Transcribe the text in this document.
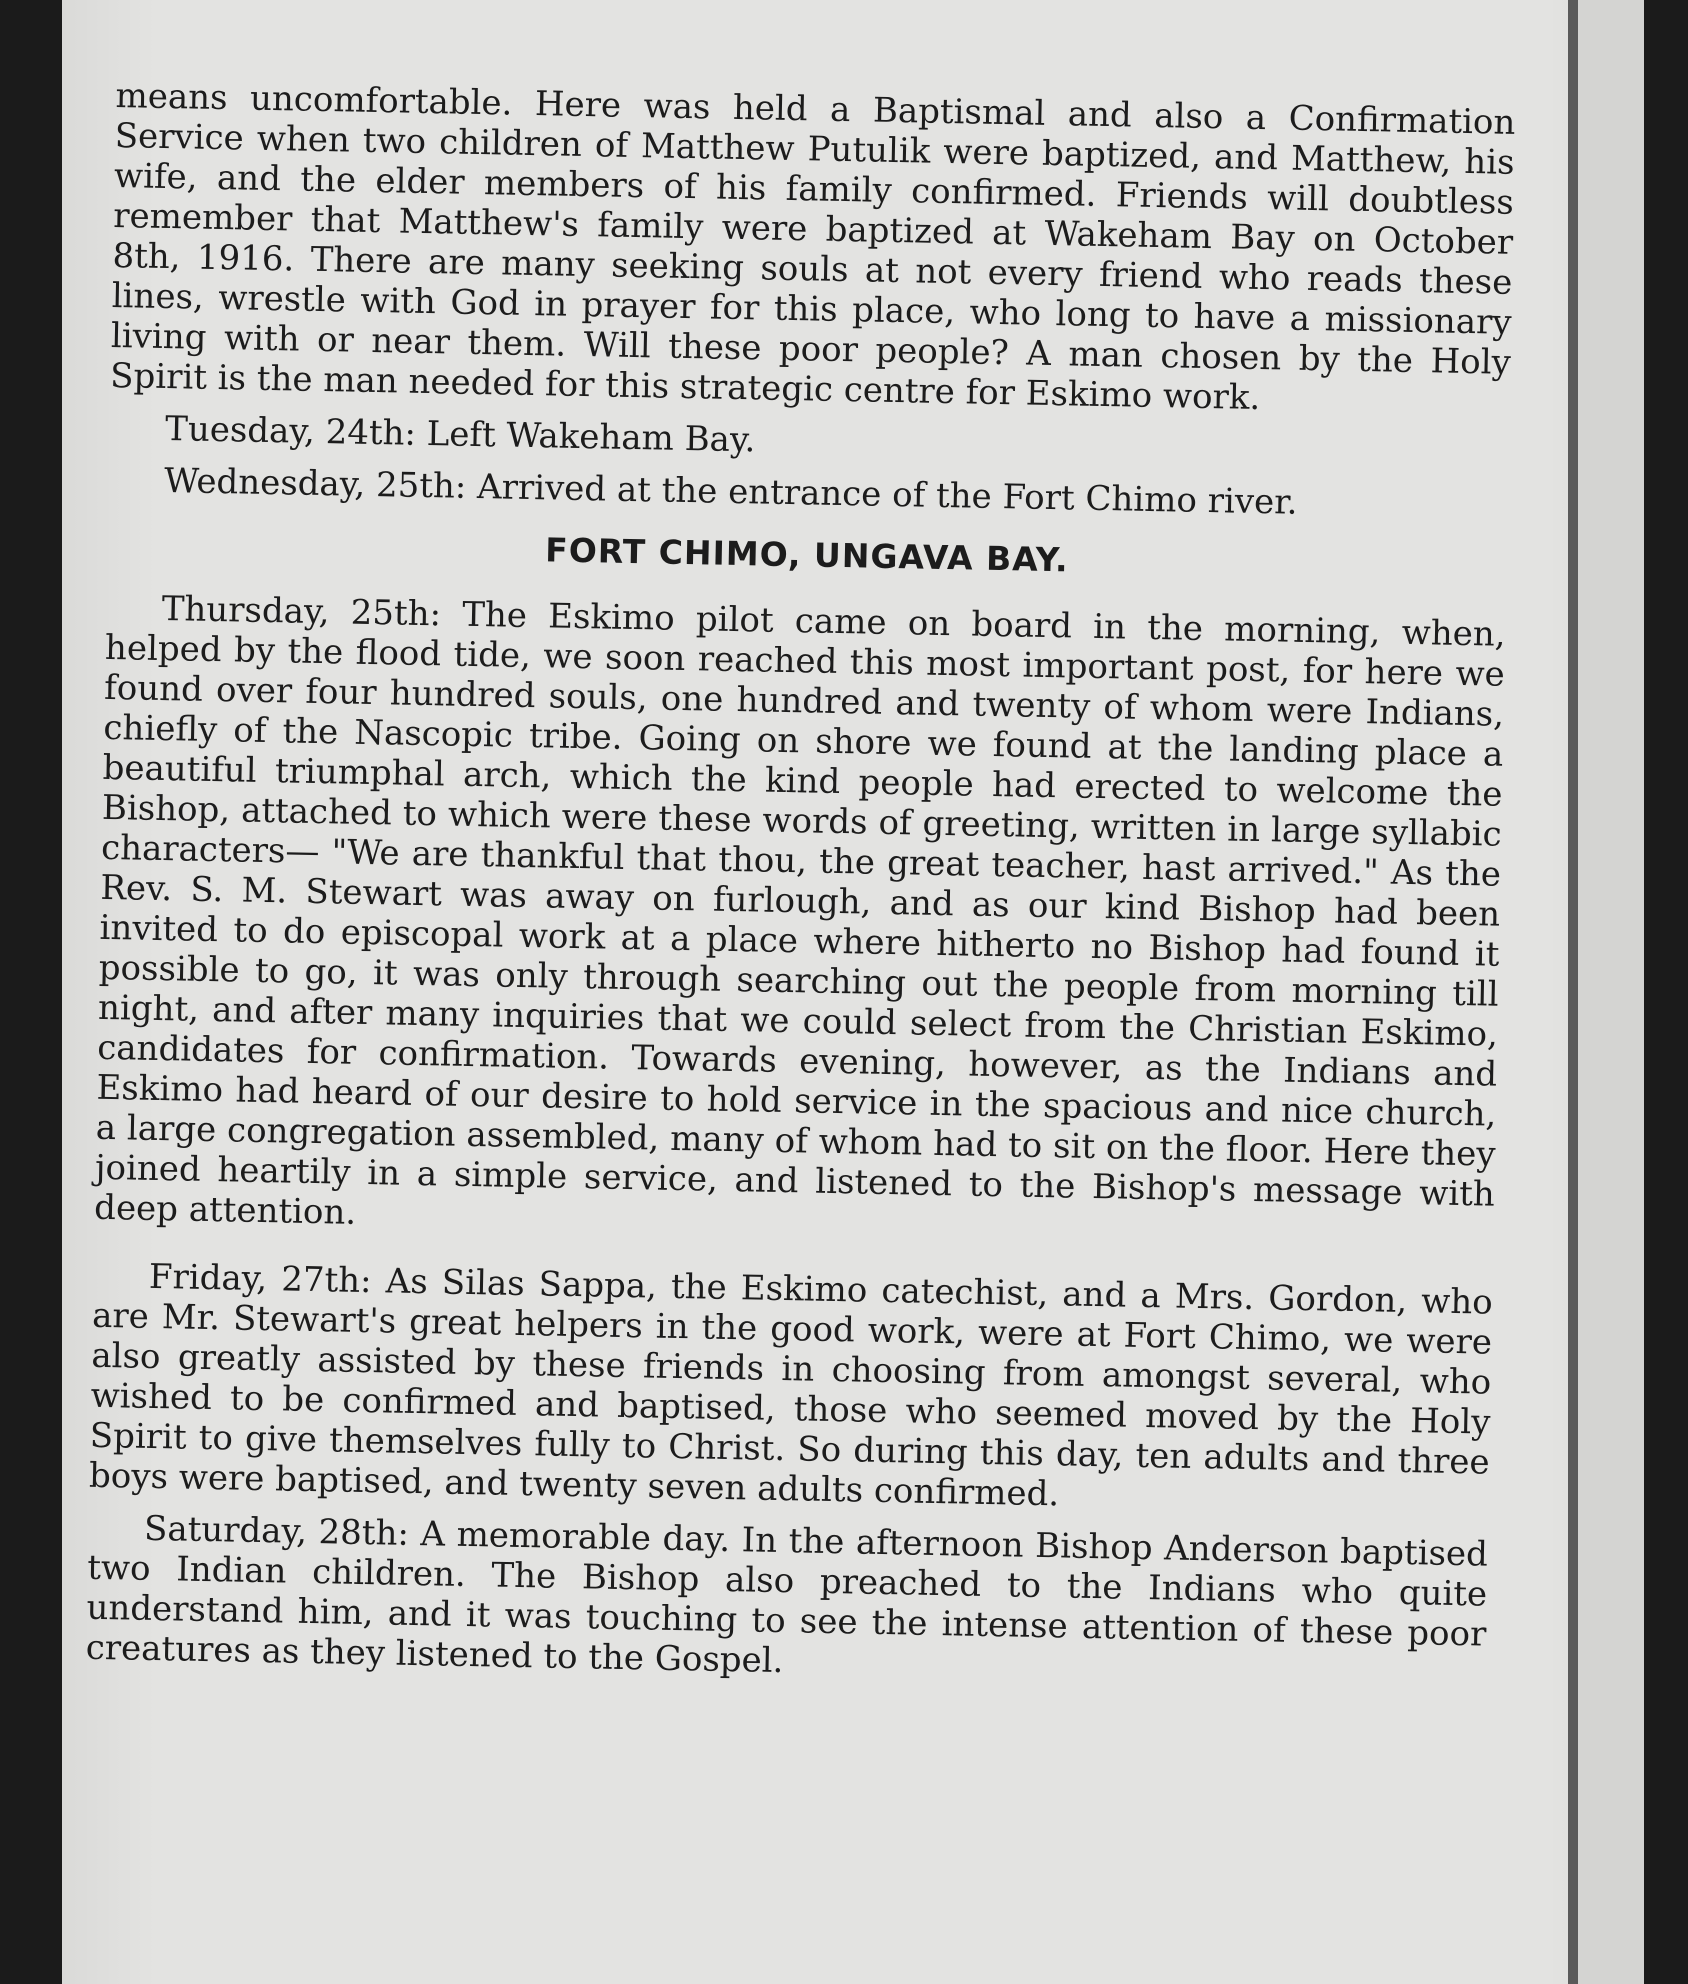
means uncomfortable. Here was held a Baptismal and also a Confirmation Service when two children of Matthew Putulik were baptized, and Matthew, his wife, and the elder members of his family confirmed. Friends will doubtless remember that Matthew's family were baptized at Wakeham Bay on October 8th, 1916. There are many seeking souls at not every friend who reads these lines, wrestle with God in prayer for this place, who long to have a missionary living with or near them. Will these poor people? A man chosen by the Holy Spirit is the man needed for this strategic centre for Eskimo work.

Tuesday, 24th: Left Wakeham Bay.

Wednesday, 25th: Arrived at the entrance of the Fort Chimo river.

FORT CHIMO, UNGAVA BAY.

Thursday, 25th: The Eskimo pilot came on board in the morning, when, helped by the flood tide, we soon reached this most important post, for here we found over four hundred souls, one hundred and twenty of whom were Indians, chiefly of the Nascopic tribe. Going on shore we found at the landing place a beautiful triumphal arch, which the kind people had erected to welcome the Bishop, attached to which were these words of greeting, written in large syllabic characters— "We are thankful that thou, the great teacher, hast arrived." As the Rev. S. M. Stewart was away on furlough, and as our kind Bishop had been invited to do episcopal work at a place where hitherto no Bishop had found it possible to go, it was only through searching out the people from morning till night, and after many inquiries that we could select from the Christian Eskimo, candidates for confirmation. Towards evening, however, as the Indians and Eskimo had heard of our desire to hold service in the spacious and nice church, a large congregation assembled, many of whom had to sit on the floor. Here they joined heartily in a simple service, and listened to the Bishop's message with deep attention.

Friday, 27th: As Silas Sappa, the Eskimo catechist, and a Mrs. Gordon, who are Mr. Stewart's great helpers in the good work, were at Fort Chimo, we were also greatly assisted by these friends in choosing from amongst several, who wished to be confirmed and baptised, those who seemed moved by the Holy Spirit to give themselves fully to Christ. So during this day, ten adults and three boys were baptised, and twenty seven adults confirmed.

Saturday, 28th: A memorable day. In the afternoon Bishop Anderson baptised two Indian children. The Bishop also preached to the Indians who quite understand him, and it was touching to see the intense attention of these poor creatures as they listened to the Gospel.
